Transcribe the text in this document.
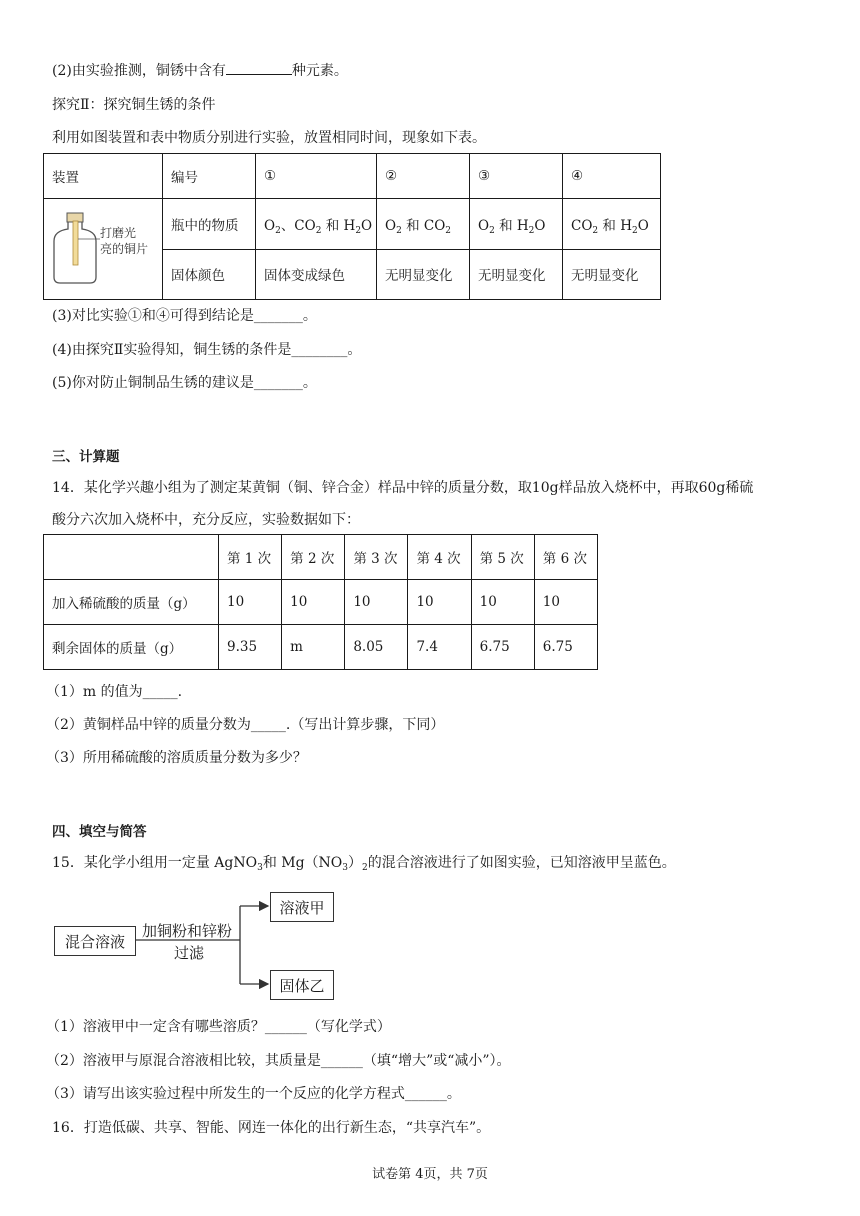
(2)由实验推测，铜锈中含有	种元素。
探究Ⅱ：探究铜生锈的条件
利用如图装置和表中物质分别进行实验，放置相同时间，现象如下表。
装置	编号	①	②	③	④

打磨光
亮的铜片	瓶中的物质	$O_2$、$CO_2$ 和 $H_2O$	$O_2$ 和 $CO_2$	$O_2$ 和 $H_2O$	$CO_2$ 和 $H_2O$
	固体颜色	固体变成绿色	无明显变化	无明显变化	无明显变化
(3)对比实验①和④可得到结论是_______。
(4)由探究Ⅱ实验得知，铜生锈的条件是________。
(5)你对防止铜制品生锈的建议是_______。
三、计算题
14．某化学兴趣小组为了测定某黄铜（铜、锌合金）样品中锌的质量分数，取10g样品放入烧杯中，再取60g稀硫
酸分六次加入烧杯中，充分反应，实验数据如下：
	第 1 次	第 2 次	第 3 次	第 4 次	第 5 次	第 6 次
加入稀硫酸的质量（g）	10	10	10	10	10	10
剩余固体的质量（g）	9.35	m	8.05	7.4	6.75	6.75
（1）m 的值为_____.
（2）黄铜样品中锌的质量分数为_____.（写出计算步骤，下同）
（3）所用稀硫酸的溶质质量分数为多少？
四、填空与简答
15．某化学小组用一定量 AgNO$_3$和 $Mg(NO_3)_2$的混合溶液进行了如图实验，已知溶液甲呈蓝色。
混合溶液
加铜粉和锌粉
过滤
溶液甲
固体乙
（1）溶液甲中一定含有哪些溶质？______（写化学式）
（2）溶液甲与原混合溶液相比较，其质量是______（填“增大”或“减小”）。
（3）请写出该实验过程中所发生的一个反应的化学方程式______。
16．打造低碳、共享、智能、网连一体化的出行新生态，“共享汽车”。
试卷第 4页，共 7页
